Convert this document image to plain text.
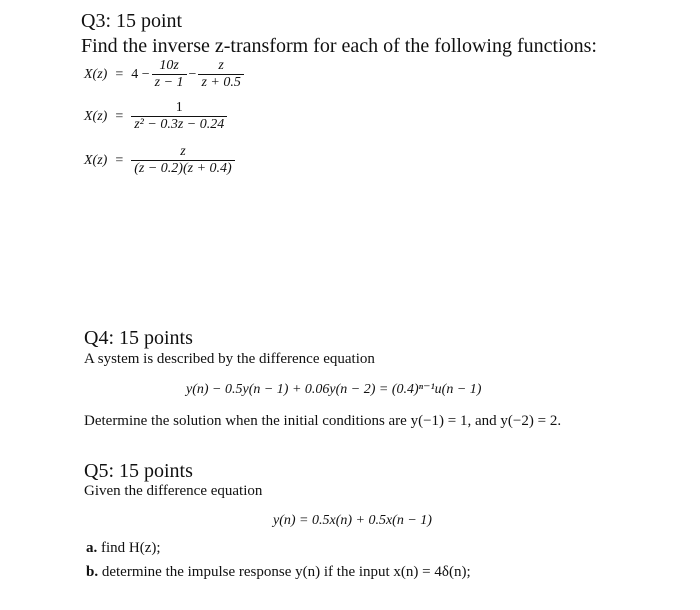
Q3: 15 point
Find the inverse z-transform for each of the following functions:
$X(z) = 4 - \frac{10z}{z - 1} - \frac{z}{z + 0.5}$
$X(z) = \frac{1}{\text{z² − 0.3z − 0.24}}$
$X(z) = \frac{z}{(z - 0.2)(z + 0.4)}$
Q4: 15 points
A system is described by the difference equation
y(n) − 0.5y(n − 1) + 0.06y(n − 2) = (0.4)ⁿ⁻¹u(n − 1)
Determine the solution when the initial conditions are y(−1) = 1, and y(−2) = 2.
Q5: 15 points
Given the difference equation
y(n) = 0.5x(n) + 0.5x(n − 1)
a. find H(z);
b. determine the impulse response y(n) if the input x(n) = 4δ(n);
